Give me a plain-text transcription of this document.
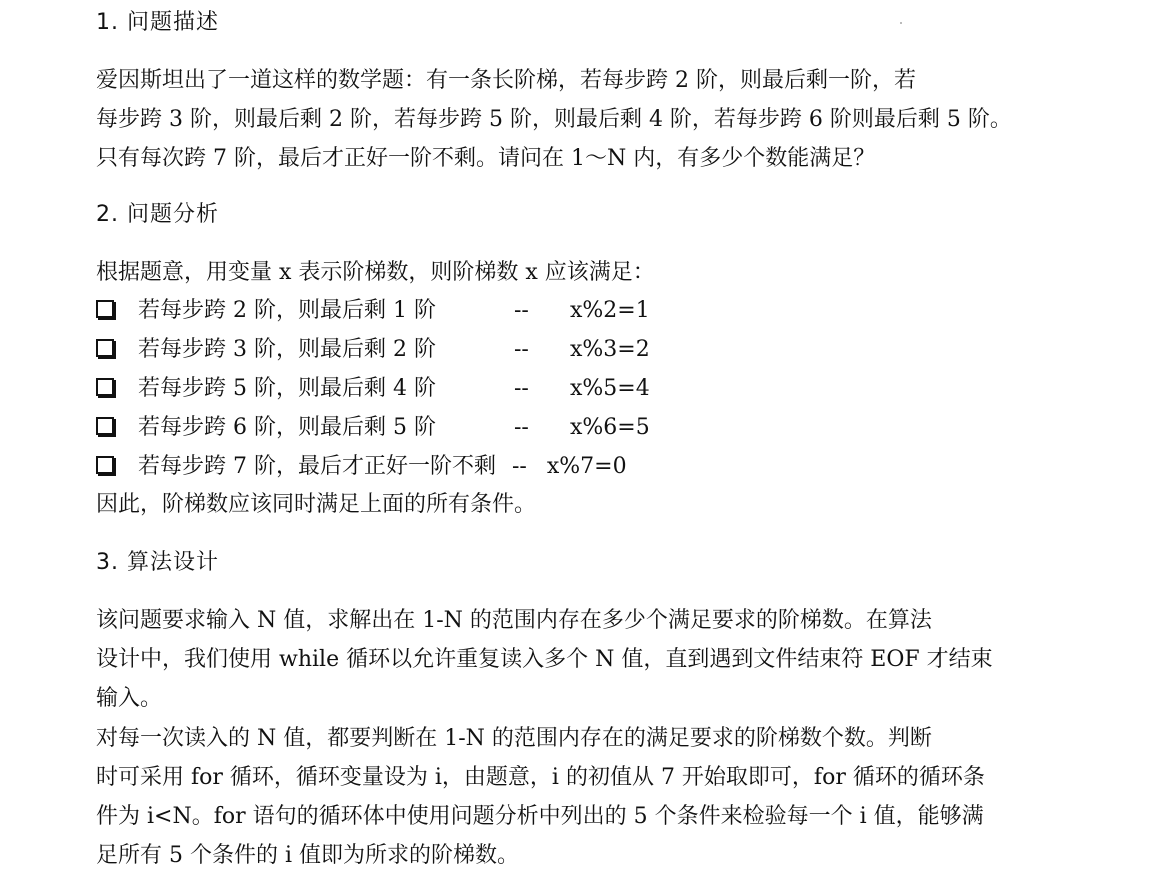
1. 问题描述
爱因斯坦出了一道这样的数学题：有一条长阶梯，若每步跨 2 阶，则最后剩一阶，若
每步跨 3 阶，则最后剩 2 阶，若每步跨 5 阶，则最后剩 4 阶，若每步跨 6 阶则最后剩 5 阶。
只有每次跨 7 阶，最后才正好一阶不剩。请问在 1～N 内，有多少个数能满足？
2. 问题分析
根据题意，用变量 x 表示阶梯数，则阶梯数 x 应该满足：
若每步跨 2 阶，则最后剩 1 阶	-- x%2=1
若每步跨 3 阶，则最后剩 2 阶	-- x%3=2
若每步跨 5 阶，则最后剩 4 阶	-- x%5=4
若每步跨 6 阶，则最后剩 5 阶	-- x%6=5
若每步跨 7 阶，最后才正好一阶不剩 -- x%7=0
因此，阶梯数应该同时满足上面的所有条件。
3. 算法设计
该问题要求输入 N 值，求解出在 1-N 的范围内存在多少个满足要求的阶梯数。在算法
设计中，我们使用 while 循环以允许重复读入多个 N 值，直到遇到文件结束符 EOF 才结束
输入。
对每一次读入的 N 值，都要判断在 1-N 的范围内存在的满足要求的阶梯数个数。判断
时可采用 for 循环，循环变量设为 i，由题意，i 的初值从 7 开始取即可，for 循环的循环条
件为 i<N。for 语句的循环体中使用问题分析中列出的 5 个条件来检验每一个 i 值，能够满
足所有 5 个条件的 i 值即为所求的阶梯数。
